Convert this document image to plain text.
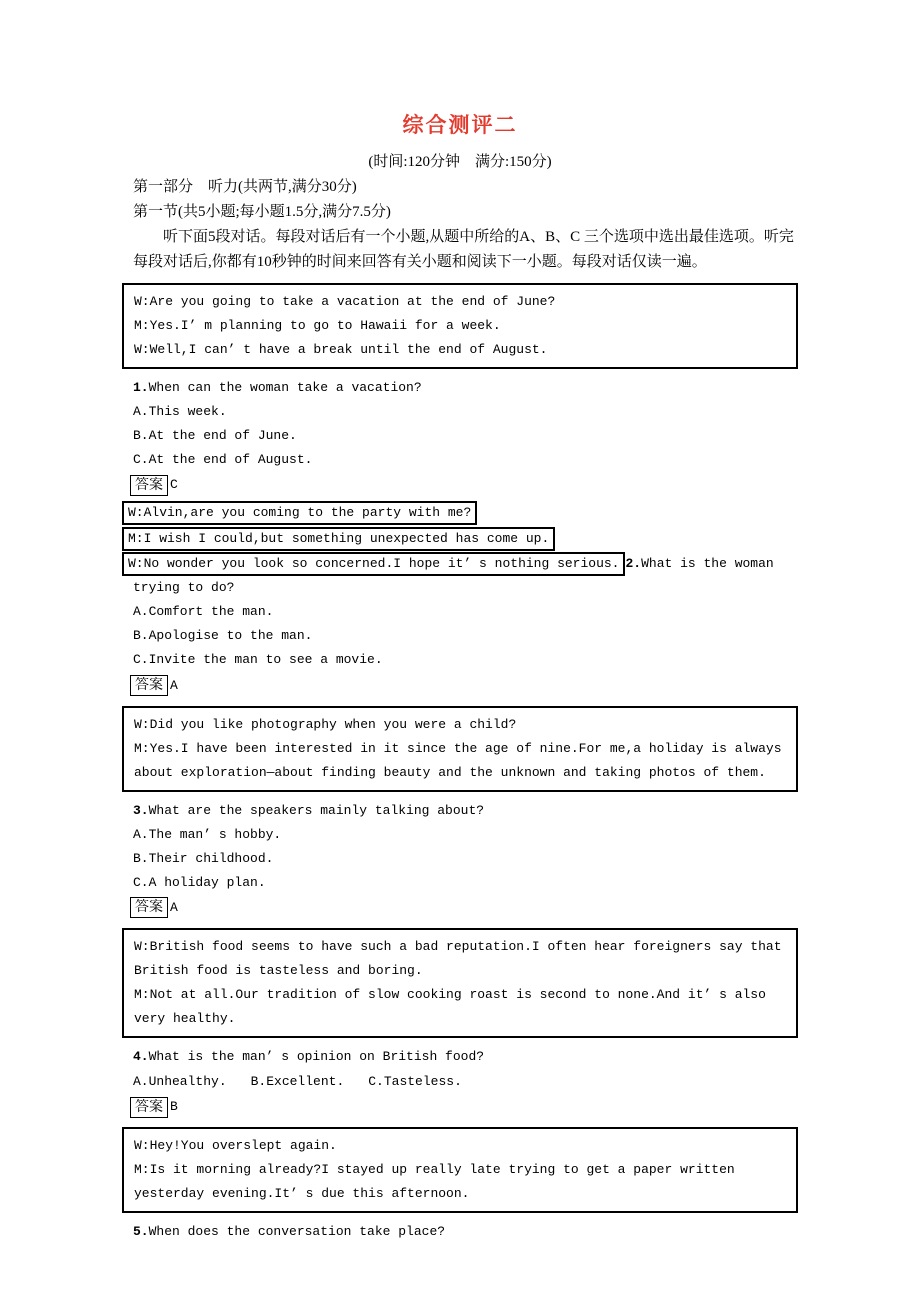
综合测评二
(时间:120分钟　满分:150分)
第一部分　听力(共两节,满分30分)
第一节(共5小题;每小题1.5分,满分7.5分)

听下面5段对话。每段对话后有一个小题,从题中所给的A、B、C 三个选项中选出最佳选项。听完每段对话后,你都有10秒钟的时间来回答有关小题和阅读下一小题。每段对话仅读一遍。

W:Are you going to take a vacation at the end of June?
M:Yes.I’ m planning to go to Hawaii for a week.
W:Well,I can’ t have a break until the end of August.
1.When can the woman take a vacation?
A.This week.
B.At the end of June.
C.At the end of August.
答案 C
W:Alvin,are you coming to the party with me?
M:I wish I could,but something unexpected has come up.
W:No wonder you look so concerned.I hope it’ s nothing serious. 2.What is the woman trying to do?
A.Comfort the man.
B.Apologise to the man.
C.Invite the man to see a movie.
答案 A
W:Did you like photography when you were a child?
M:Yes.I have been interested in it since the age of nine.For me,a holiday is always about exploration—about finding beauty and the unknown and taking photos of them.
3.What are the speakers mainly talking about?
A.The man’ s hobby.
B.Their childhood.
C.A holiday plan.
答案 A
W:British food seems to have such a bad reputation.I often hear foreigners say that British food is tasteless and boring.
M:Not at all.Our tradition of slow cooking roast is second to none.And it’ s also very healthy.
4.What is the man’ s opinion on British food?
A.Unhealthy. B.Excellent. C.Tasteless.
答案 B
W:Hey!You overslept again.
M:Is it morning already?I stayed up really late trying to get a paper written yesterday evening.It’ s due this afternoon.
5.When does the conversation take place?
